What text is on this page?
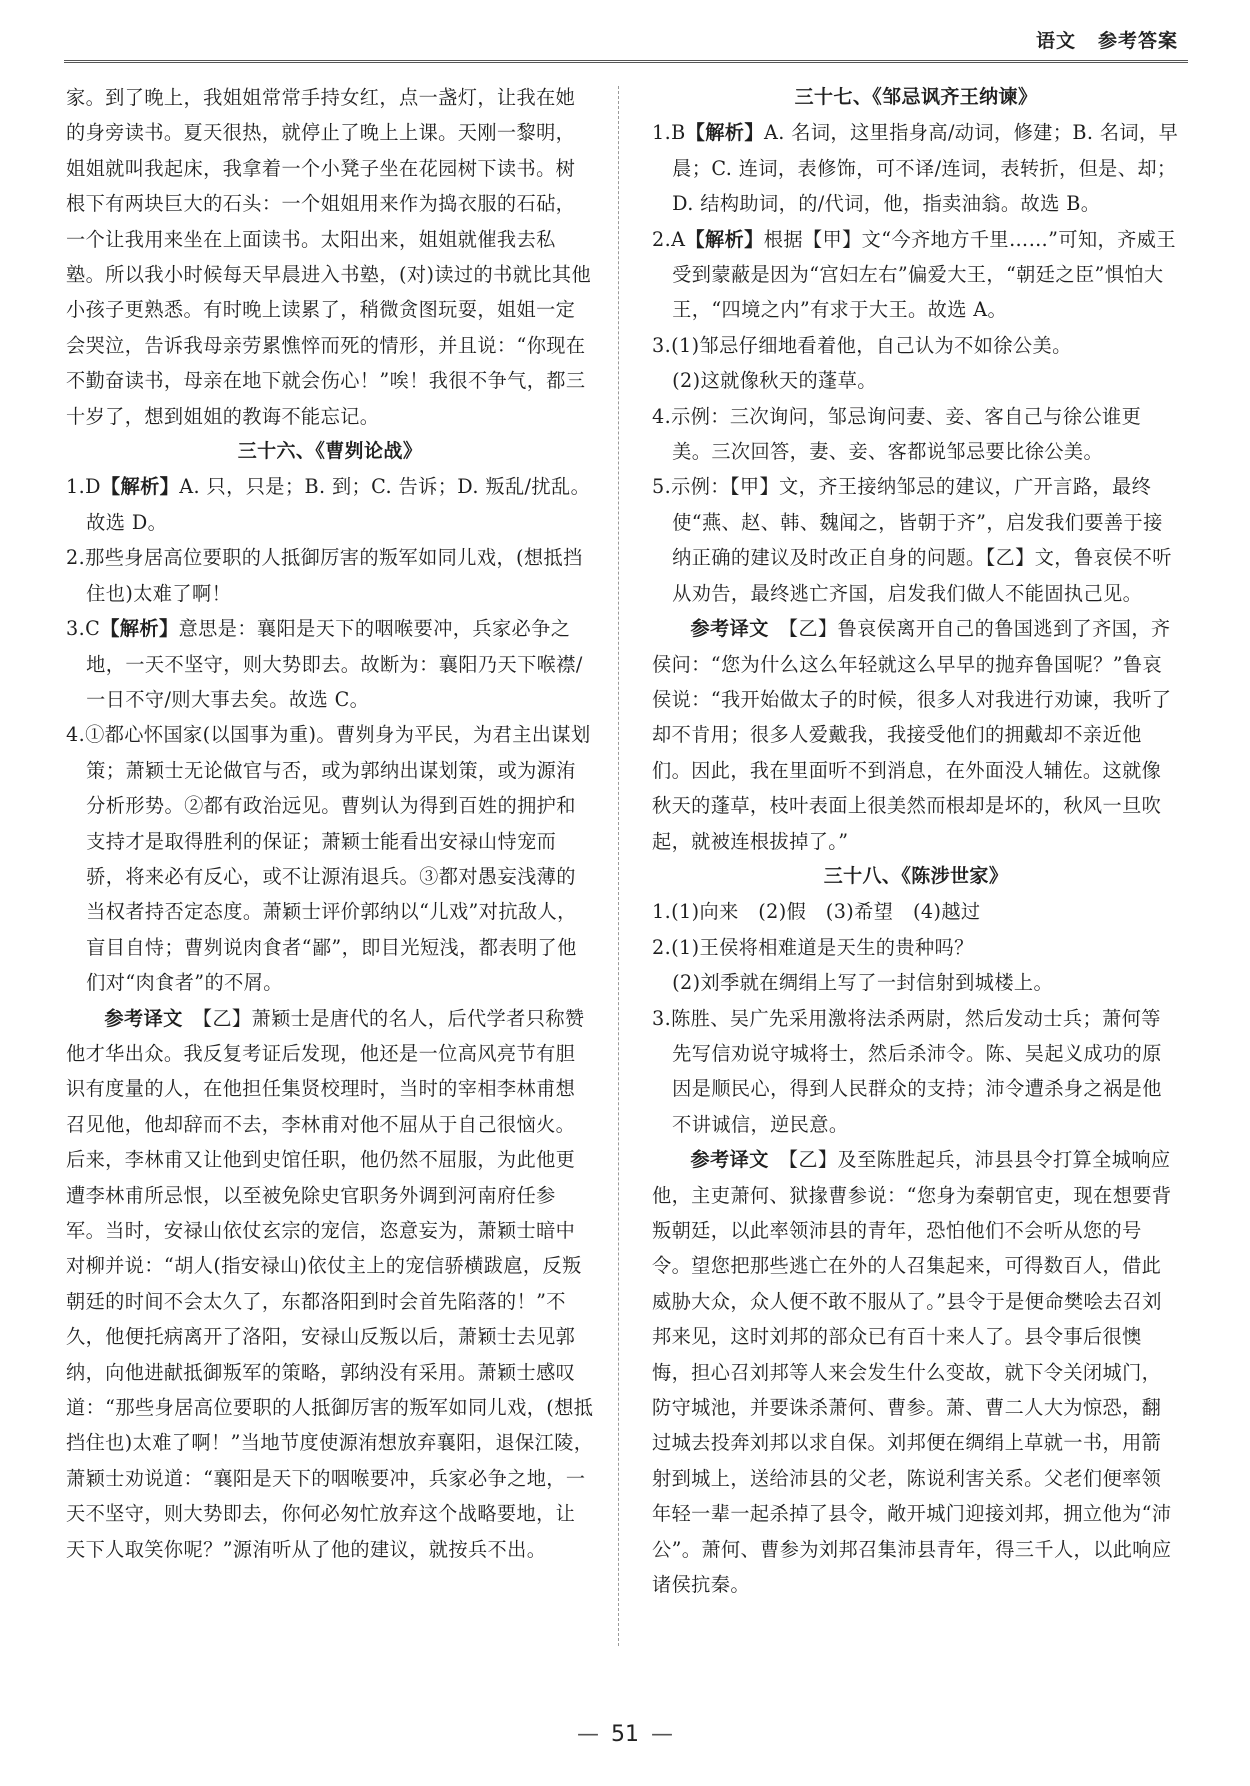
语文 参考答案

家。到了晚上，我姐姐常常手持女红，点一盏灯，让我在她的身旁读书。夏天很热，就停止了晚上上课。天刚一黎明，姐姐就叫我起床，我拿着一个小凳子坐在花园树下读书。树根下有两块巨大的石头：一个姐姐用来作为捣衣服的石砧，一个让我用来坐在上面读书。太阳出来，姐姐就催我去私塾。所以我小时候每天早晨进入书塾，(对)读过的书就比其他小孩子更熟悉。有时晚上读累了，稍微贪图玩耍，姐姐一定会哭泣，告诉我母亲劳累憔悴而死的情形，并且说：“你现在不勤奋读书，母亲在地下就会伤心！”唉！我很不争气，都三十岁了，想到姐姐的教诲不能忘记。

三十六、《曹刿论战》

1.D【解析】A. 只，只是；B. 到；C. 告诉；D. 叛乱/扰乱。故选 D。

2.那些身居高位要职的人抵御厉害的叛军如同儿戏，(想抵挡住也)太难了啊！

3.C【解析】意思是：襄阳是天下的咽喉要冲，兵家必争之地，一天不坚守，则大势即去。故断为：襄阳乃天下喉襟/一日不守/则大事去矣。故选 C。

4.①都心怀国家(以国事为重)。曹刿身为平民，为君主出谋划策；萧颖士无论做官与否，或为郭纳出谋划策，或为源洧分析形势。②都有政治远见。曹刿认为得到百姓的拥护和支持才是取得胜利的保证；萧颖士能看出安禄山恃宠而骄，将来必有反心，或不让源洧退兵。③都对愚妄浅薄的当权者持否定态度。萧颖士评价郭纳以“儿戏”对抗敌人，盲目自恃；曹刿说肉食者“鄙”，即目光短浅，都表明了他们对“肉食者”的不屑。

参考译文　 【乙】萧颖士是唐代的名人，后代学者只称赞他才华出众。我反复考证后发现，他还是一位高风亮节有胆识有度量的人，在他担任集贤校理时，当时的宰相李林甫想召见他，他却辞而不去，李林甫对他不屈从于自己很恼火。后来，李林甫又让他到史馆任职，他仍然不屈服，为此他更遭李林甫所忌恨，以至被免除史官职务外调到河南府任参军。当时，安禄山依仗玄宗的宠信，恣意妄为，萧颖士暗中对柳并说：“胡人(指安禄山)依仗主上的宠信骄横跋扈，反叛朝廷的时间不会太久了，东都洛阳到时会首先陷落的！”不久，他便托病离开了洛阳，安禄山反叛以后，萧颖士去见郭纳，向他进献抵御叛军的策略，郭纳没有采用。萧颖士感叹道：“那些身居高位要职的人抵御厉害的叛军如同儿戏，(想抵挡住也)太难了啊！”当地节度使源洧想放弃襄阳，退保江陵，萧颖士劝说道：“襄阳是天下的咽喉要冲，兵家必争之地，一天不坚守，则大势即去，你何必匆忙放弃这个战略要地，让天下人取笑你呢？”源洧听从了他的建议，就按兵不出。

三十七、《邹忌讽齐王纳谏》

1.B【解析】A. 名词，这里指身高/动词，修建；B. 名词，早晨；C. 连词，表修饰，可不译/连词，表转折，但是、却；D. 结构助词，的/代词，他，指卖油翁。故选 B。

2.A【解析】根据【甲】文“今齐地方千里……”可知，齐威王受到蒙蔽是因为“宫妇左右”偏爱大王，“朝廷之臣”惧怕大王，“四境之内”有求于大王。故选 A。

3.(1)邹忌仔细地看着他，自己认为不如徐公美。

(2)这就像秋天的蓬草。

4.示例：三次询问，邹忌询问妻、妾、客自己与徐公谁更美。三次回答，妻、妾、客都说邹忌要比徐公美。

5.示例：【甲】文，齐王接纳邹忌的建议，广开言路，最终使“燕、赵、韩、魏闻之，皆朝于齐”，启发我们要善于接纳正确的建议及时改正自身的问题。【乙】文，鲁哀侯不听从劝告，最终逃亡齐国，启发我们做人不能固执己见。

参考译文　 【乙】鲁哀侯离开自己的鲁国逃到了齐国，齐侯问：“您为什么这么年轻就这么早早的抛弃鲁国呢？”鲁哀侯说：“我开始做太子的时候，很多人对我进行劝谏，我听了却不肯用；很多人爱戴我，我接受他们的拥戴却不亲近他们。因此，我在里面听不到消息，在外面没人辅佐。这就像秋天的蓬草，枝叶表面上很美然而根却是坏的，秋风一旦吹起，就被连根拔掉了。”

三十八、《陈涉世家》

1.(1)向来　(2)假　(3)希望　(4)越过

2.(1)王侯将相难道是天生的贵种吗？

(2)刘季就在绸绢上写了一封信射到城楼上。

3.陈胜、吴广先采用激将法杀两尉，然后发动士兵；萧何等先写信劝说守城将士，然后杀沛令。陈、吴起义成功的原因是顺民心，得到人民群众的支持；沛令遭杀身之祸是他不讲诚信，逆民意。

参考译文　 【乙】及至陈胜起兵，沛县县令打算全城响应他，主吏萧何、狱掾曹参说：“您身为秦朝官吏，现在想要背叛朝廷，以此率领沛县的青年，恐怕他们不会听从您的号令。望您把那些逃亡在外的人召集起来，可得数百人，借此威胁大众，众人便不敢不服从了。”县令于是便命樊哙去召刘邦来见，这时刘邦的部众已有百十来人了。县令事后很懊悔，担心召刘邦等人来会发生什么变故，就下令关闭城门，防守城池，并要诛杀萧何、曹参。萧、曹二人大为惊恐，翻过城去投奔刘邦以求自保。刘邦便在绸绢上草就一书，用箭射到城上，送给沛县的父老，陈说利害关系。父老们便率领年轻一辈一起杀掉了县令，敞开城门迎接刘邦，拥立他为“沛公”。萧何、曹参为刘邦召集沛县青年，得三千人，以此响应诸侯抗秦。

— 51 —
